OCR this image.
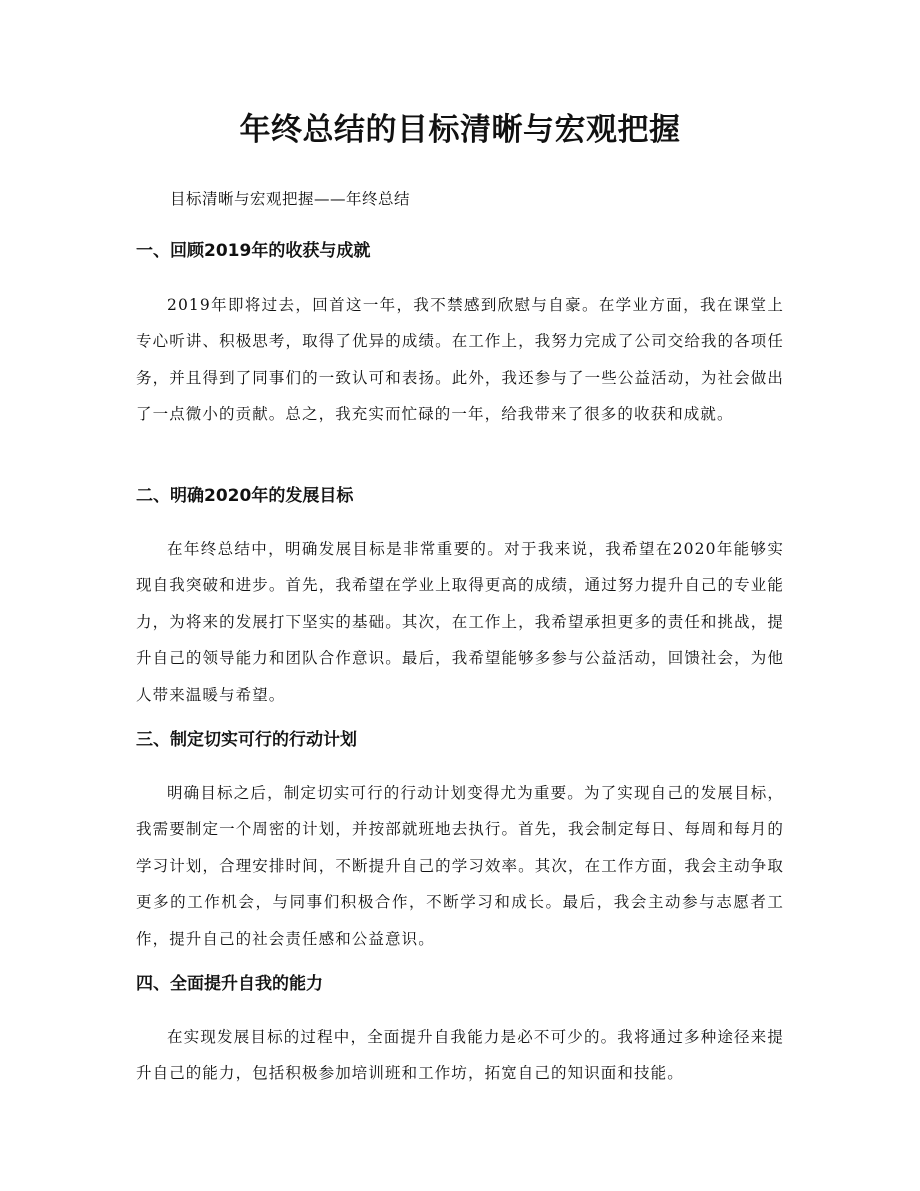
年终总结的目标清晰与宏观把握

目标清晰与宏观把握——年终总结

一、回顾2019年的收获与成就

2019年即将过去，回首这一年，我不禁感到欣慰与自豪。在学业方面，我在课堂上专心听讲、积极思考，取得了优异的成绩。在工作上，我努力完成了公司交给我的各项任务，并且得到了同事们的一致认可和表扬。此外，我还参与了一些公益活动，为社会做出了一点微小的贡献。总之，我充实而忙碌的一年，给我带来了很多的收获和成就。

二、明确2020年的发展目标

在年终总结中，明确发展目标是非常重要的。对于我来说，我希望在2020年能够实现自我突破和进步。首先，我希望在学业上取得更高的成绩，通过努力提升自己的专业能力，为将来的发展打下坚实的基础。其次，在工作上，我希望承担更多的责任和挑战，提升自己的领导能力和团队合作意识。最后，我希望能够多参与公益活动，回馈社会，为他人带来温暖与希望。

三、制定切实可行的行动计划

明确目标之后，制定切实可行的行动计划变得尤为重要。为了实现自己的发展目标，我需要制定一个周密的计划，并按部就班地去执行。首先，我会制定每日、每周和每月的学习计划，合理安排时间，不断提升自己的学习效率。其次，在工作方面，我会主动争取更多的工作机会，与同事们积极合作，不断学习和成长。最后，我会主动参与志愿者工作，提升自己的社会责任感和公益意识。

四、全面提升自我的能力

在实现发展目标的过程中，全面提升自我能力是必不可少的。我将通过多种途径来提升自己的能力，包括积极参加培训班和工作坊，拓宽自己的知识面和技能。
